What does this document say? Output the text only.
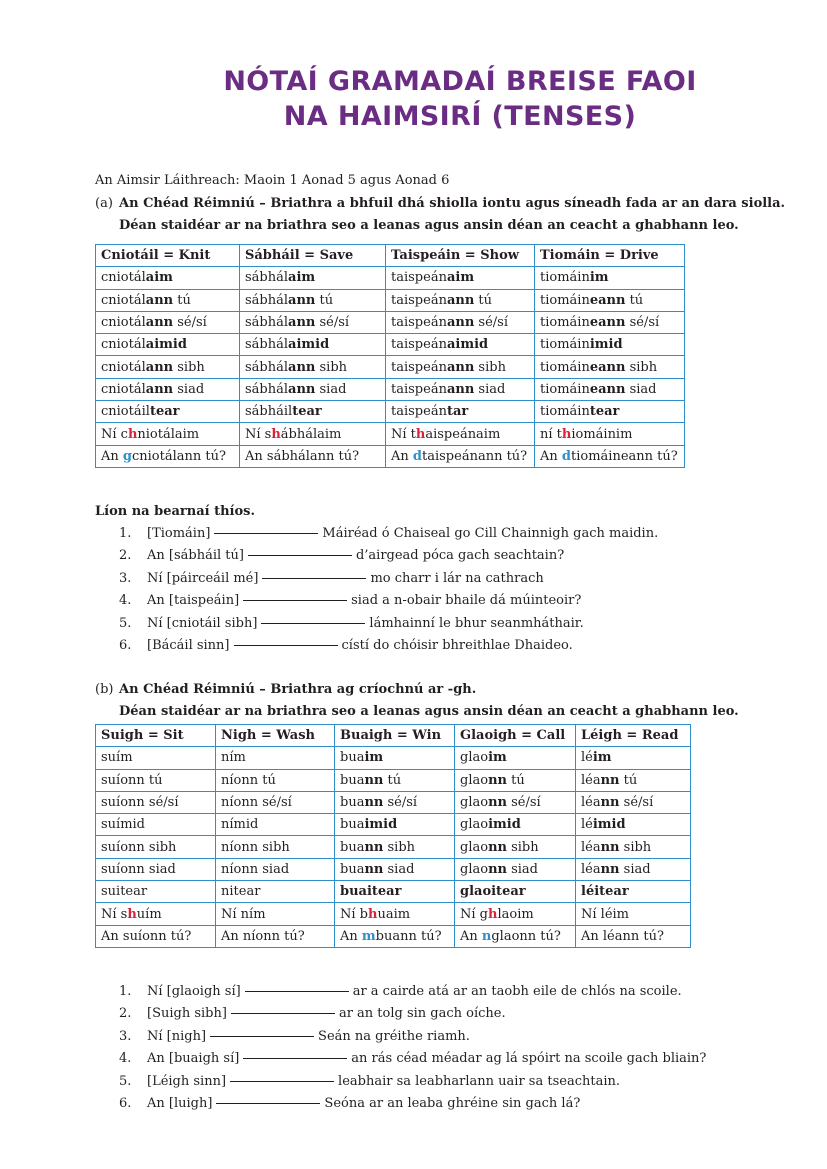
NÓTAÍ GRAMADAÍ BREISE FAOI
NA HAIMSIRÍ (TENSES)
An Aimsir Láithreach: Maoin 1 Aonad 5 agus Aonad 6
(a) An Chéad Réimniú – Briathra a bhfuil dhá shiolla iontu agus síneadh fada ar an dara siolla.
Déan staidéar ar na briathra seo a leanas agus ansin déan an ceacht a ghabhann leo.
Cniotáil = Knit	Sábháil = Save	Taispeáin = Show	Tiomáin = Drive
cniotálaim	sábhálaim	taispeánaim	tiomáinim
cniotálann tú	sábhálann tú	taispeánann tú	tiomáineann tú
cniotálann sé/sí	sábhálann sé/sí	taispeánann sé/sí	tiomáineann sé/sí
cniotálaimid	sábhálaimid	taispeánaimid	tiomáinimid
cniotálann sibh	sábhálann sibh	taispeánann sibh	tiomáineann sibh
cniotálann siad	sábhálann siad	taispeánann siad	tiomáineann siad
cniotáiltear	sábháiltear	taispeántar	tiomáintear
Ní chniotálaim	Ní shábhálaim	Ní thaispeánaim	ní thiomáinim
An gcniotálann tú?	An sábhálann tú?	An dtaispeánann tú?	An dtiomáineann tú?
Líon na bearnaí thíos.
1. [Tiomáin]	Máiréad ó Chaiseal go Cill Chainnigh gach maidin.
2. An [sábháil tú]	d’airgead póca gach seachtain?
3. Ní [páirceáil mé]	mo charr i lár na cathrach
4. An [taispeáin]	siad a n-obair bhaile dá múinteoir?
5. Ní [cniotáil sibh]	lámhainní le bhur seanmháthair.
6. [Bácáil sinn]	cístí do chóisir bhreithlae Dhaideo.
(b) An Chéad Réimniú – Briathra ag críochnú ar -gh.
Déan staidéar ar na briathra seo a leanas agus ansin déan an ceacht a ghabhann leo.
Suigh = Sit	Nigh = Wash	Buaigh = Win	Glaoigh = Call	Léigh = Read
suím	ním	buaim	glaoim	léim
suíonn tú	níonn tú	buann tú	glaonn tú	léann tú
suíonn sé/sí	níonn sé/sí	buann sé/sí	glaonn sé/sí	léann sé/sí
suímid	nímid	buaimid	glaoimid	léimid
suíonn sibh	níonn sibh	buann sibh	glaonn sibh	léann sibh
suíonn siad	níonn siad	buann siad	glaonn siad	léann siad
suitear	nitear	buaitear	glaoitear	léitear
Ní shuím	Ní ním	Ní bhuaim	Ní ghlaoim	Ní léim
An suíonn tú?	An níonn tú?	An mbuann tú?	An nglaonn tú?	An léann tú?
1. Ní [glaoigh sí]	ar a cairde atá ar an taobh eile de chlós na scoile.
2. [Suigh sibh]	ar an tolg sin gach oíche.
3. Ní [nigh]	Seán na gréithe riamh.
4. An [buaigh sí]	an rás céad méadar ag lá spóirt na scoile gach bliain?
5. [Léigh sinn]	leabhair sa leabharlann uair sa tseachtain.
6. An [luigh]	Seóna ar an leaba ghréine sin gach lá?
